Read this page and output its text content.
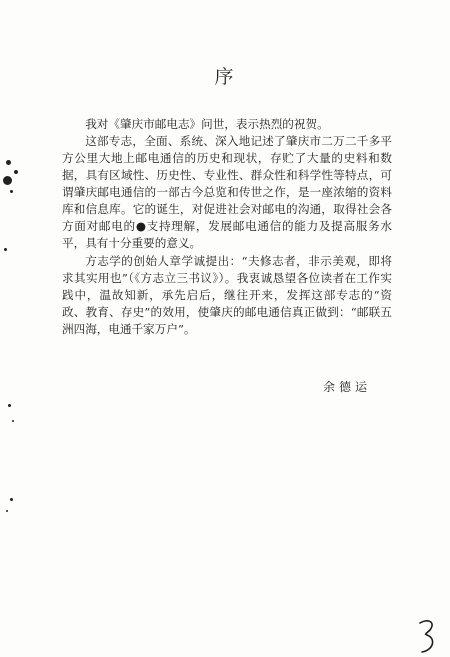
序

我对《肇庆市邮电志》问世，表示热烈的祝贺。

这部专志，全面、系统、深入地记述了肇庆市二万二千多平方公里大地上邮电通信的历史和现状，存贮了大量的史料和数据，具有区域性、历史性、专业性、群众性和科学性等特点，可谓肇庆邮电通信的一部古今总览和传世之作，是一座浓缩的资料库和信息库。它的诞生，对促进社会对邮电的沟通，取得社会各方面对邮电的●支持理解，发展邮电通信的能力及提高服务水平，具有十分重要的意义。

方志学的创始人章学诚提出：“夫修志者，非示美观，即将求其实用也”（《方志立三书议》）。我衷诚恳望各位读者在工作实践中，温故知新，承先启后，继往开来，发挥这部专志的“资政、教育、存史”的效用，使肇庆的邮电通信真正做到：“邮联五洲四海，电通千家万户”。

余德运
